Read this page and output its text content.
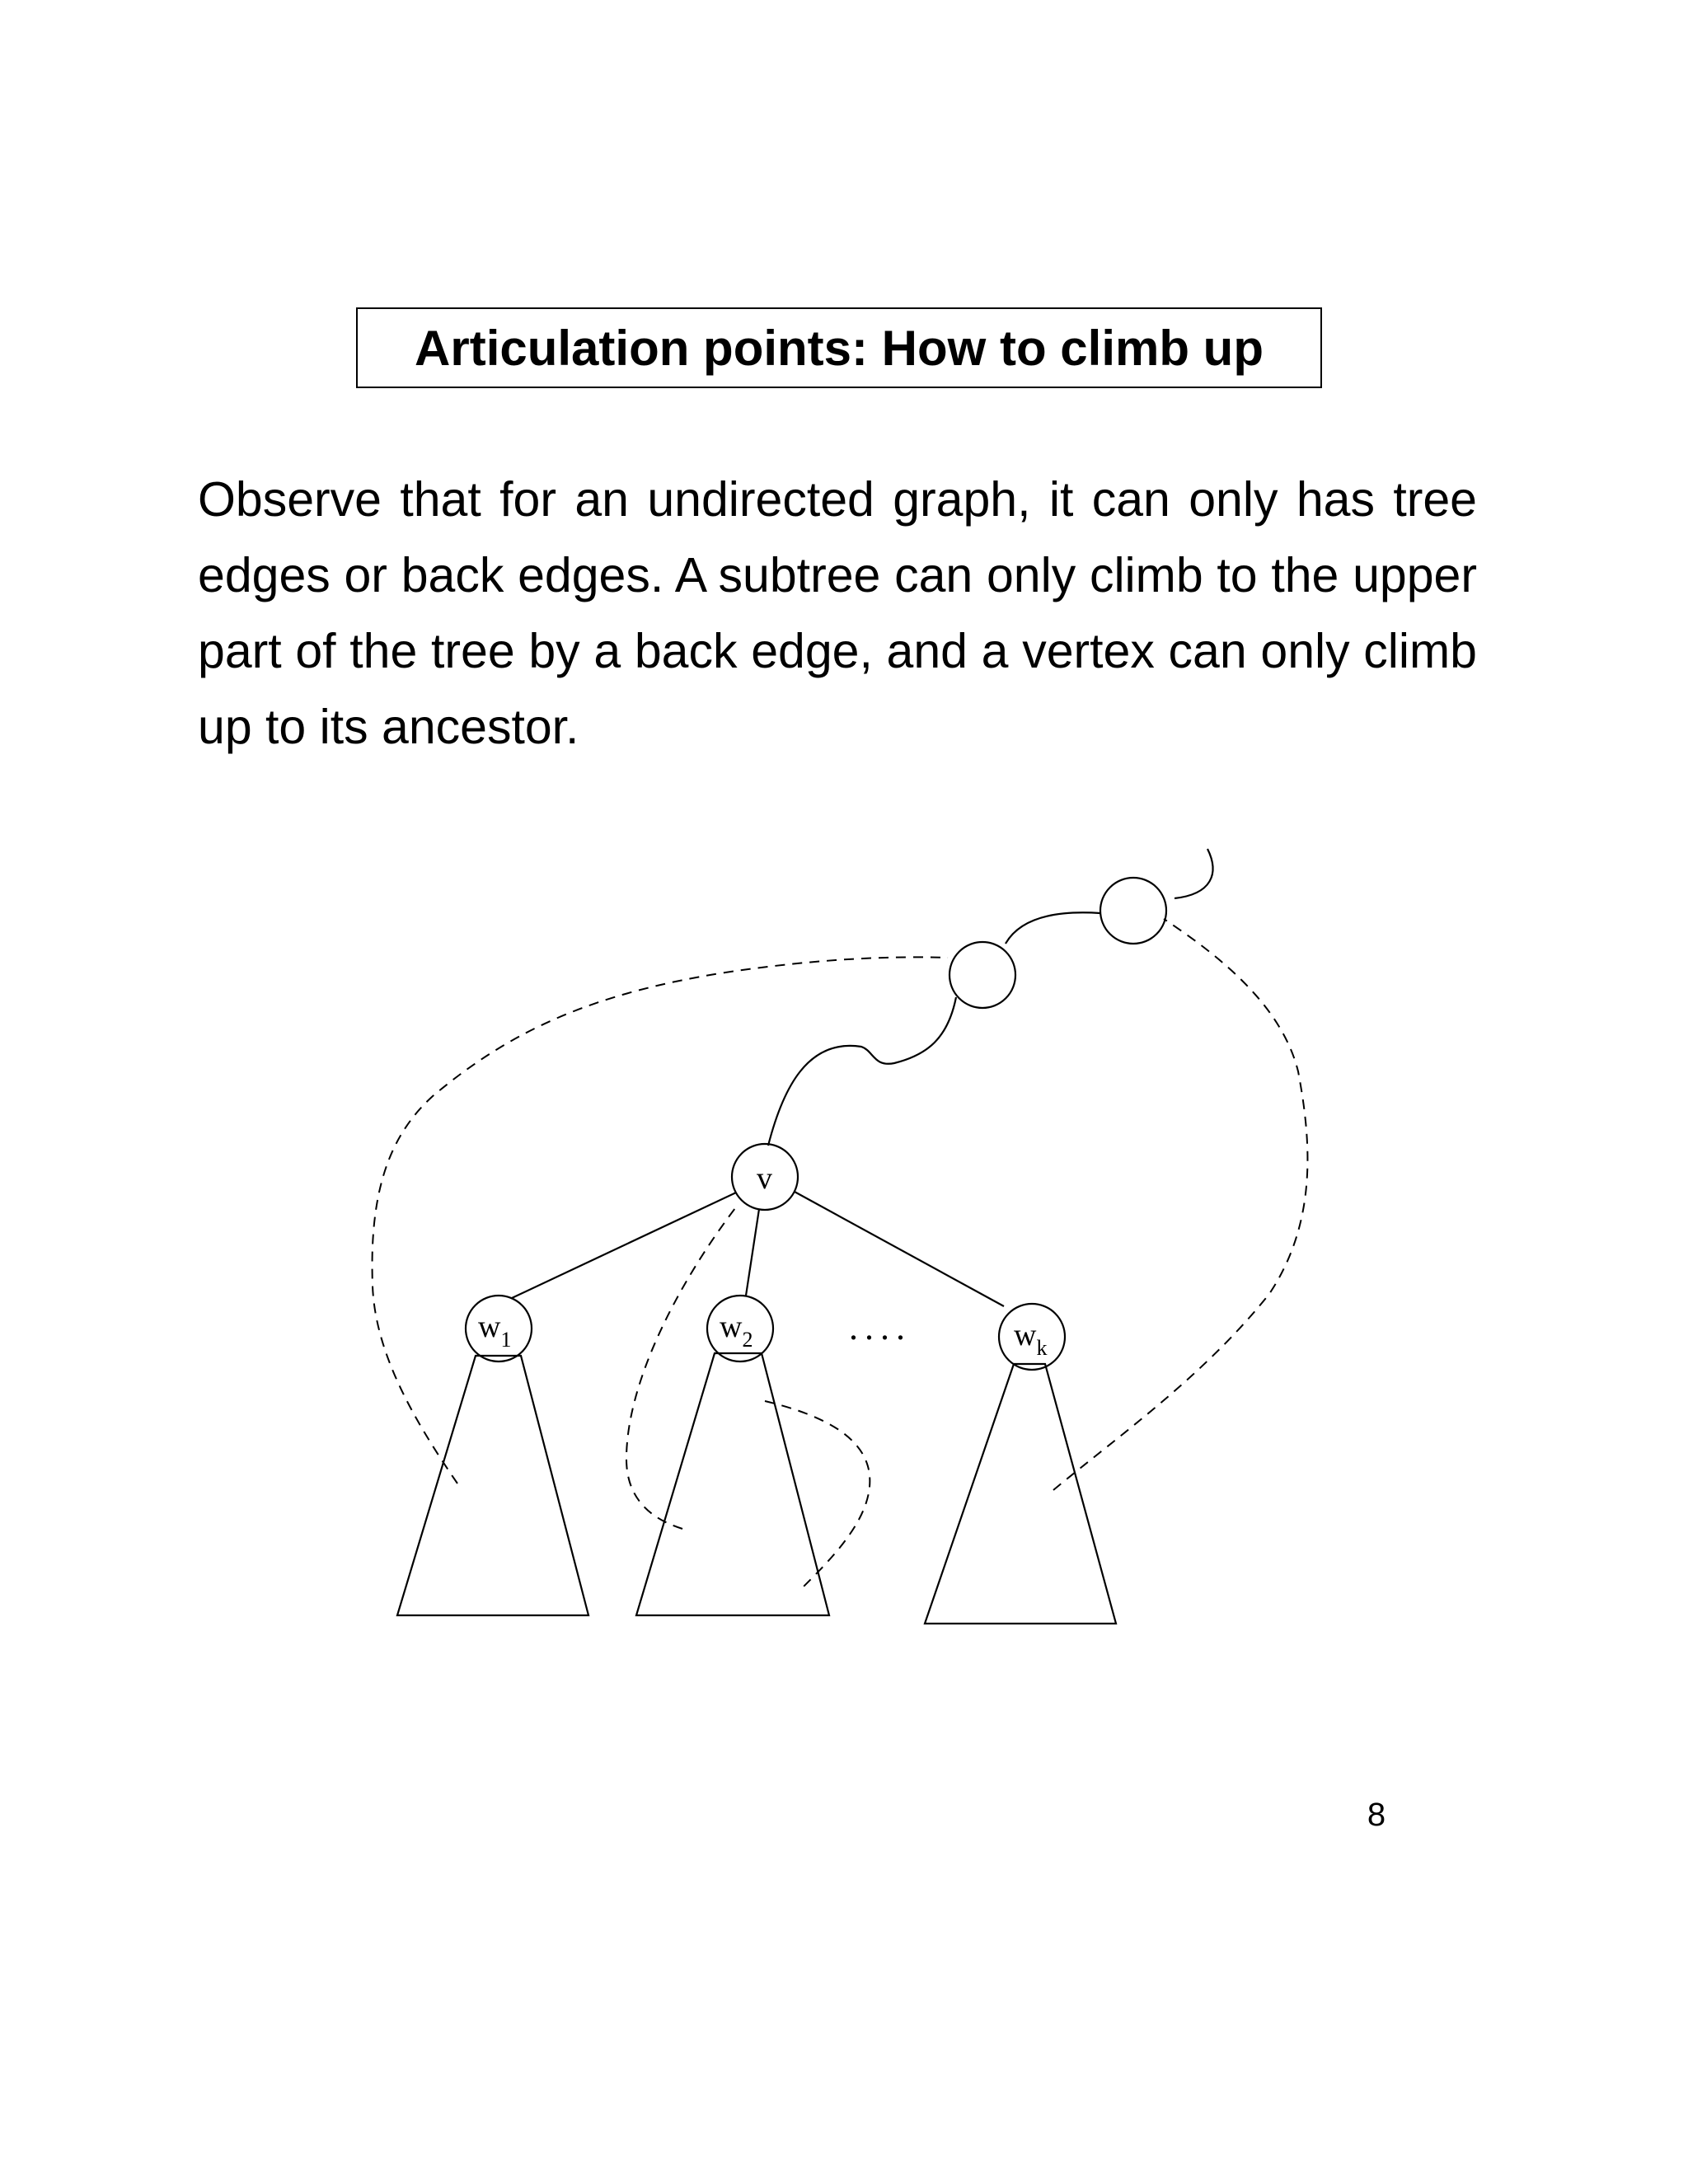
Articulation points: How to climb up

Observe that for an undirected graph, it can only has tree edges or back edges. A subtree can only climb to the upper part of the tree by a back edge, and a vertex can only climb up to its ancestor.

v
$w_1$	$w_2$	$w_k$
....
8
